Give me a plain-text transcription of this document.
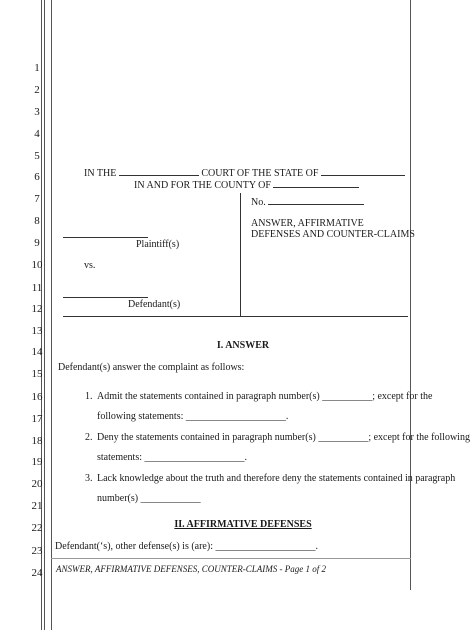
1
2
3
4
5
6
7
8
9
10
11
12
13
14
15
16
17
18
19
20
21
22
23
24
IN THE	COURT OF THE STATE OF
IN AND FOR THE COUNTY OF
No.
ANSWER, AFFIRMATIVE
DEFENSES AND COUNTER-CLAIMS
Plaintiff(s)
vs.
Defendant(s)
I. ANSWER
Defendant(s) answer the complaint as follows:
1. Admit the statements contained in paragraph number(s) __________; except for the
following statements: ____________________.
2. Deny the statements contained in paragraph number(s) __________; except for the following
statements: ____________________.
3. Lack knowledge about the truth and therefore deny the statements contained in paragraph
number(s) ____________
II. AFFIRMATIVE DEFENSES
Defendant(‘s), other defense(s) is (are): ____________________.
ANSWER, AFFIRMATIVE DEFENSES, COUNTER-CLAIMS - Page 1 of 2
